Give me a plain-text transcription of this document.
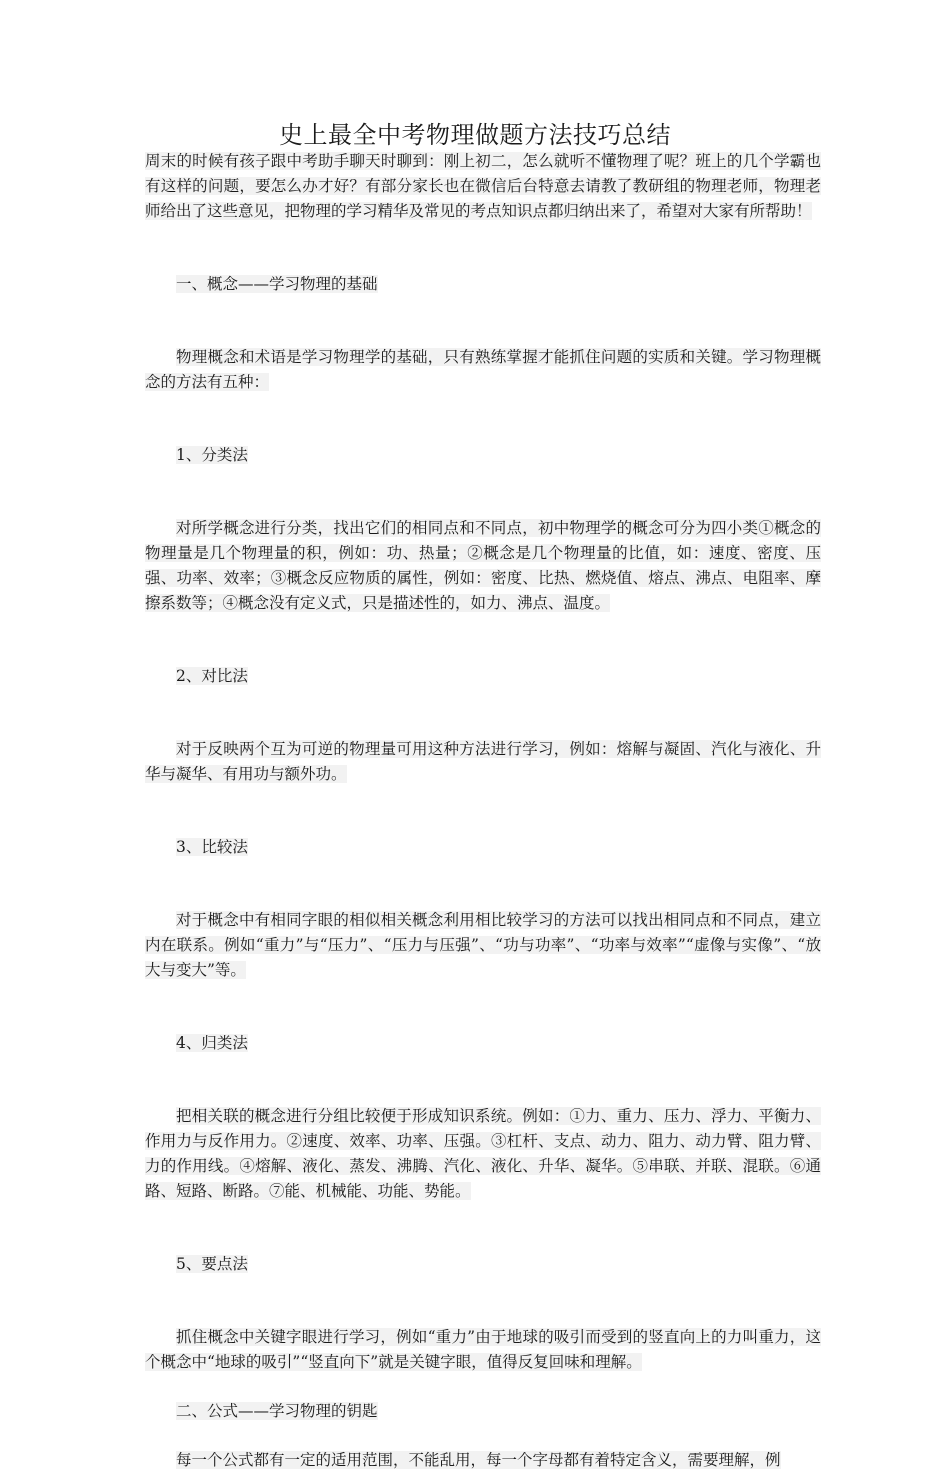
史上最全中考物理做题方法技巧总结

周末的时候有孩子跟中考助手聊天时聊到：刚上初二，怎么就听不懂物理了呢？班上的几个学霸也有这样的问题，要怎么办才好？有部分家长也在微信后台特意去请教了教研组的物理老师，物理老师给出了这些意见，把物理的学习精华及常见的考点知识点都归纳出来了，希望对大家有所帮助！

一、概念——学习物理的基础

物理概念和术语是学习物理学的基础，只有熟练掌握才能抓住问题的实质和关键。学习物理概念的方法有五种：

1、分类法

对所学概念进行分类，找出它们的相同点和不同点，初中物理学的概念可分为四小类①概念的物理量是几个物理量的积，例如：功、热量；②概念是几个物理量的比值，如：速度、密度、压强、功率、效率；③概念反应物质的属性，例如：密度、比热、燃烧值、熔点、沸点、电阻率、摩擦系数等；④概念没有定义式，只是描述性的，如力、沸点、温度。

2、对比法

对于反映两个互为可逆的物理量可用这种方法进行学习，例如：熔解与凝固、汽化与液化、升华与凝华、有用功与额外功。

3、比较法

对于概念中有相同字眼的相似相关概念利用相比较学习的方法可以找出相同点和不同点，建立内在联系。例如“重力”与“压力”、“压力与压强”、“功与功率”、“功率与效率”“虚像与实像”、“放大与变大”等。

4、归类法

把相关联的概念进行分组比较便于形成知识系统。例如：①力、重力、压力、浮力、平衡力、作用力与反作用力。②速度、效率、功率、压强。③杠杆、支点、动力、阻力、动力臂、阻力臂、力的作用线。④熔解、液化、蒸发、沸腾、汽化、液化、升华、凝华。⑤串联、并联、混联。⑥通路、短路、断路。⑦能、机械能、功能、势能。

5、要点法

抓住概念中关键字眼进行学习，例如“重力”由于地球的吸引而受到的竖直向上的力叫重力，这个概念中“地球的吸引”“竖直向下”就是关键字眼，值得反复回味和理解。

二、公式——学习物理的钥匙

每一个公式都有一定的适用范围，不能乱用，每一个字母都有着特定含义，需要理解，例
